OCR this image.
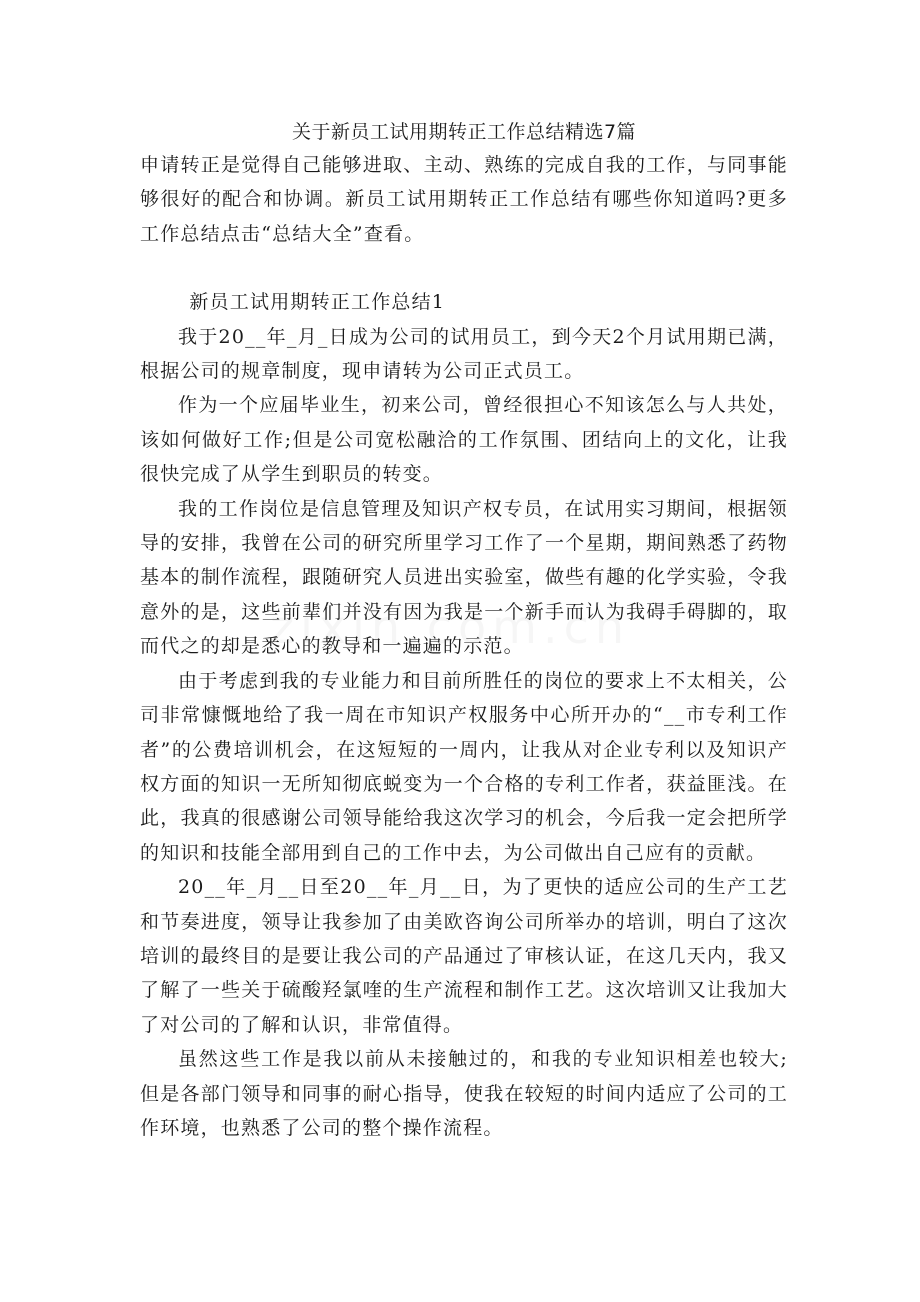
关于新员工试用期转正工作总结精选7篇

申请转正是觉得自己能够进取、主动、熟练的完成自我的工作，与同事能够很好的配合和协调。新员工试用期转正工作总结有哪些你知道吗?更多工作总结点击“总结大全”查看。

新员工试用期转正工作总结1

我于20__年_月_日成为公司的试用员工，到今天2个月试用期已满，根据公司的规章制度，现申请转为公司正式员工。

作为一个应届毕业生，初来公司，曾经很担心不知该怎么与人共处，该如何做好工作;但是公司宽松融洽的工作氛围、团结向上的文化，让我很快完成了从学生到职员的转变。

我的工作岗位是信息管理及知识产权专员，在试用实习期间，根据领导的安排，我曾在公司的研究所里学习工作了一个星期，期间熟悉了药物基本的制作流程，跟随研究人员进出实验室，做些有趣的化学实验，令我意外的是，这些前辈们并没有因为我是一个新手而认为我碍手碍脚的，取而代之的却是悉心的教导和一遍遍的示范。

由于考虑到我的专业能力和目前所胜任的岗位的要求上不太相关，公司非常慷慨地给了我一周在市知识产权服务中心所开办的“__市专利工作者”的公费培训机会，在这短短的一周内，让我从对企业专利以及知识产权方面的知识一无所知彻底蜕变为一个合格的专利工作者，获益匪浅。在此，我真的很感谢公司领导能给我这次学习的机会，今后我一定会把所学的知识和技能全部用到自己的工作中去，为公司做出自己应有的贡献。

20__年_月__日至20__年_月__日，为了更快的适应公司的生产工艺和节奏进度，领导让我参加了由美欧咨询公司所举办的培训，明白了这次培训的最终目的是要让我公司的产品通过了审核认证，在这几天内，我又了解了一些关于硫酸羟氯喹的生产流程和制作工艺。这次培训又让我加大了对公司的了解和认识，非常值得。

虽然这些工作是我以前从未接触过的，和我的专业知识相差也较大;但是各部门领导和同事的耐心指导，使我在较短的时间内适应了公司的工作环境，也熟悉了公司的整个操作流程。
